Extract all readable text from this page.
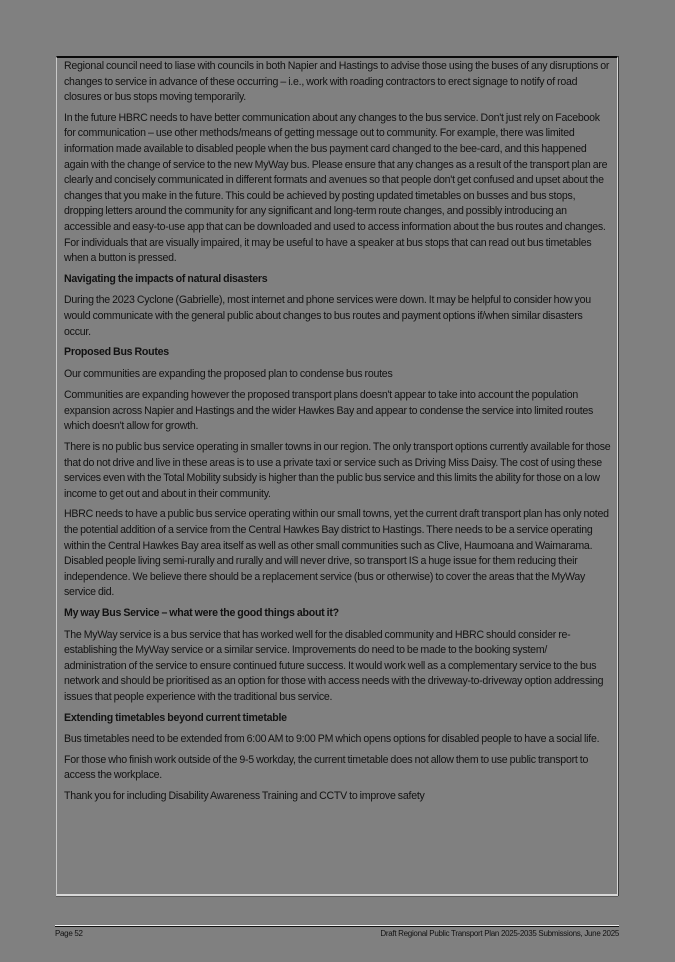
Regional council need to liase with councils in both Napier and Hastings to advise those using the buses of any disruptions or changes to service in advance of these occurring – i.e., work with roading contractors to erect signage to notify of road closures or bus stops moving temporarily.

In the future HBRC needs to have better communication about any changes to the bus service. Don't just rely on Facebook for communication – use other methods/means of getting message out to community. For example, there was limited information made available to disabled people when the bus payment card changed to the bee-card, and this happened again with the change of service to the new MyWay bus. Please ensure that any changes as a result of the transport plan are clearly and concisely communicated in different formats and avenues so that people don't get confused and upset about the changes that you make in the future. This could be achieved by posting updated timetables on busses and bus stops, dropping letters around the community for any significant and long-term route changes, and possibly introducing an accessible and easy-to-use app that can be downloaded and used to access information about the bus routes and changes. For individuals that are visually impaired, it may be useful to have a speaker at bus stops that can read out bus timetables when a button is pressed.

Navigating the impacts of natural disasters

During the 2023 Cyclone (Gabrielle), most internet and phone services were down. It may be helpful to consider how you would communicate with the general public about changes to bus routes and payment options if/when similar disasters occur.

Proposed Bus Routes

Our communities are expanding the proposed plan to condense bus routes

Communities are expanding however the proposed transport plans doesn't appear to take into account the population expansion across Napier and Hastings and the wider Hawkes Bay and appear to condense the service into limited routes which doesn't allow for growth.

There is no public bus service operating in smaller towns in our region. The only transport options currently available for those that do not drive and live in these areas is to use a private taxi or service such as Driving Miss Daisy. The cost of using these services even with the Total Mobility subsidy is higher than the public bus service and this limits the ability for those on a low income to get out and about in their community.

HBRC needs to have a public bus service operating within our small towns, yet the current draft transport plan has only noted the potential addition of a service from the Central Hawkes Bay district to Hastings. There needs to be a service operating within the Central Hawkes Bay area itself as well as other small communities such as Clive, Haumoana and Waimarama. Disabled people living semi-rurally and rurally and will never drive, so transport IS a huge issue for them reducing their independence. We believe there should be a replacement service (bus or otherwise) to cover the areas that the MyWay service did.

My way Bus Service – what were the good things about it?

The MyWay service is a bus service that has worked well for the disabled community and HBRC should consider re-establishing the MyWay service or a similar service. Improvements do need to be made to the booking system/ administration of the service to ensure continued future success. It would work well as a complementary service to the bus network and should be prioritised as an option for those with access needs with the driveway-to-driveway option addressing issues that people experience with the traditional bus service.

Extending timetables beyond current timetable

Bus timetables need to be extended from 6:00 AM to 9:00 PM which opens options for disabled people to have a social life.

For those who finish work outside of the 9-5 workday, the current timetable does not allow them to use public transport to access the workplace.

Thank you for including Disability Awareness Training and CCTV to improve safety

Page 52	Draft Regional Public Transport Plan 2025-2035 Submissions, June 2025
